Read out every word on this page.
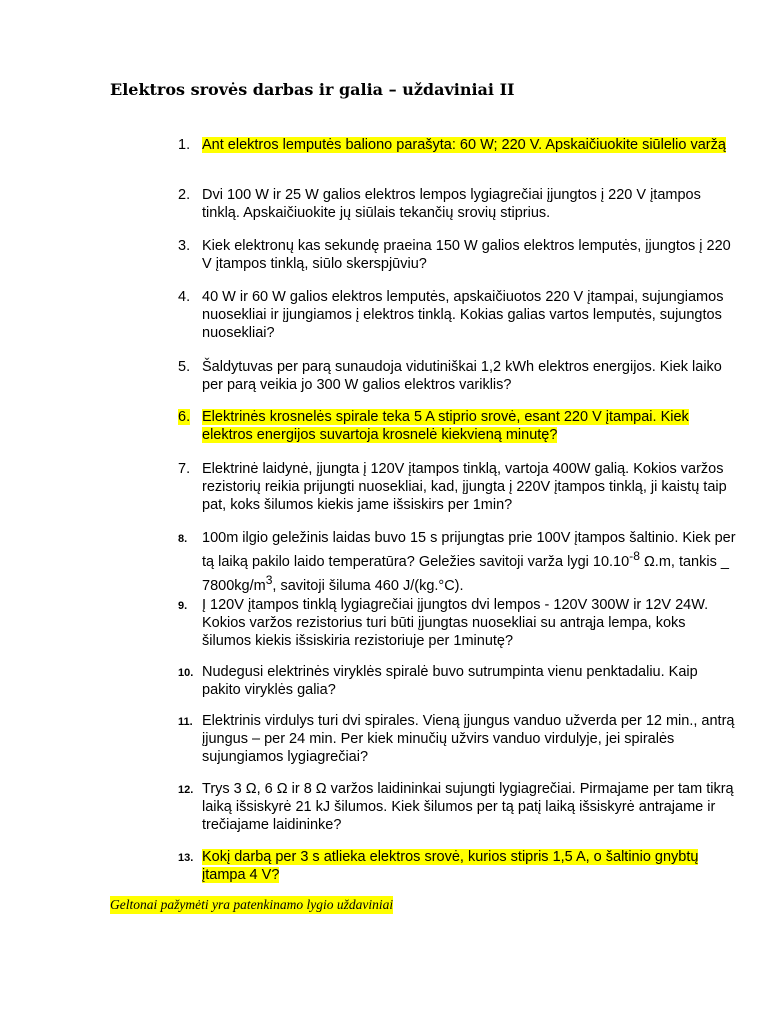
Elektros srovės darbas ir galia – uždaviniai II
1. Ant elektros lemputės baliono parašyta: 60 W; 220 V. Apskaičiuokite siūlelio varžą
2. Dvi 100 W ir 25 W galios elektros lempos lygiagrečiai įjungtos į 220 V įtampos tinklą. Apskaičiuokite jų siūlais tekančių srovių stiprius.
3. Kiek elektronų kas sekundę praeina 150 W galios elektros lemputės, įjungtos į 220 V įtampos tinklą, siūlo skerspjūviu?
4. 40 W ir 60 W galios elektros lemputės, apskaičiuotos 220 V įtampai, sujungiamos nuosekliai ir įjungiamos į elektros tinklą. Kokias galias vartos lemputės, sujungtos nuosekliai?
5. Šaldytuvas per parą sunaudoja vidutiniškai 1,2 kWh elektros energijos. Kiek laiko per parą veikia jo 300 W galios elektros variklis?
6. Elektrinės krosnelės spirale teka 5 A stiprio srovė, esant 220 V įtampai. Kiek elektros energijos suvartoja krosnelė kiekvieną minutę?
7. Elektrinė laidynė, įjungta į 120V įtampos tinklą, vartoja 400W galią. Kokios varžos rezistorių reikia prijungti nuosekliai, kad, įjungta į 220V įtampos tinklą, ji kaistų taip pat, koks šilumos kiekis jame išsiskirs per 1min?
8.	100m ilgio geležinis laidas buvo 15 s prijungtas prie 100V įtampos šaltinio. Kiek per tą laiką pakilo laido temperatūra? Geležies savitoji varža lygi $10.10^{-8}$ Ω.m, tankis _ $7800kg/m^3$, savitoji šiluma 460 J/(kg.°C).
9.	Į 120V įtampos tinklą lygiagrečiai įjungtos dvi lempos - 120V 300W ir 12V 24W. Kokios varžos rezistorius turi būti įjungtas nuosekliai su antrąja lempa, koks šilumos kiekis išsiskiria rezistoriuje per 1minutę?
10. Nudegusi elektrinės viryklės spiralė buvo sutrumpinta vienu penktadaliu. Kaip pakito viryklės galia?
11. Elektrinis virdulys turi dvi spirales. Vieną įjungus vanduo užverda per 12 min., antrą įjungus – per 24 min. Per kiek minučių užvirs vanduo virdulyje, jei spiralės sujungiamos lygiagrečiai?
12. Trys 3 Ω, 6 Ω ir 8 Ω varžos laidininkai sujungti lygiagrečiai. Pirmajame per tam tikrą laiką išsiskyrė 21 kJ šilumos. Kiek šilumos per tą patį laiką išsiskyrė antrajame ir trečiajame laidininke?
13. Kokį darbą per 3 s atlieka elektros srovė, kurios stipris 1,5 A, o šaltinio gnybtų įtampa 4 V?
Geltonai pažymėti yra patenkinamo lygio uždaviniai
